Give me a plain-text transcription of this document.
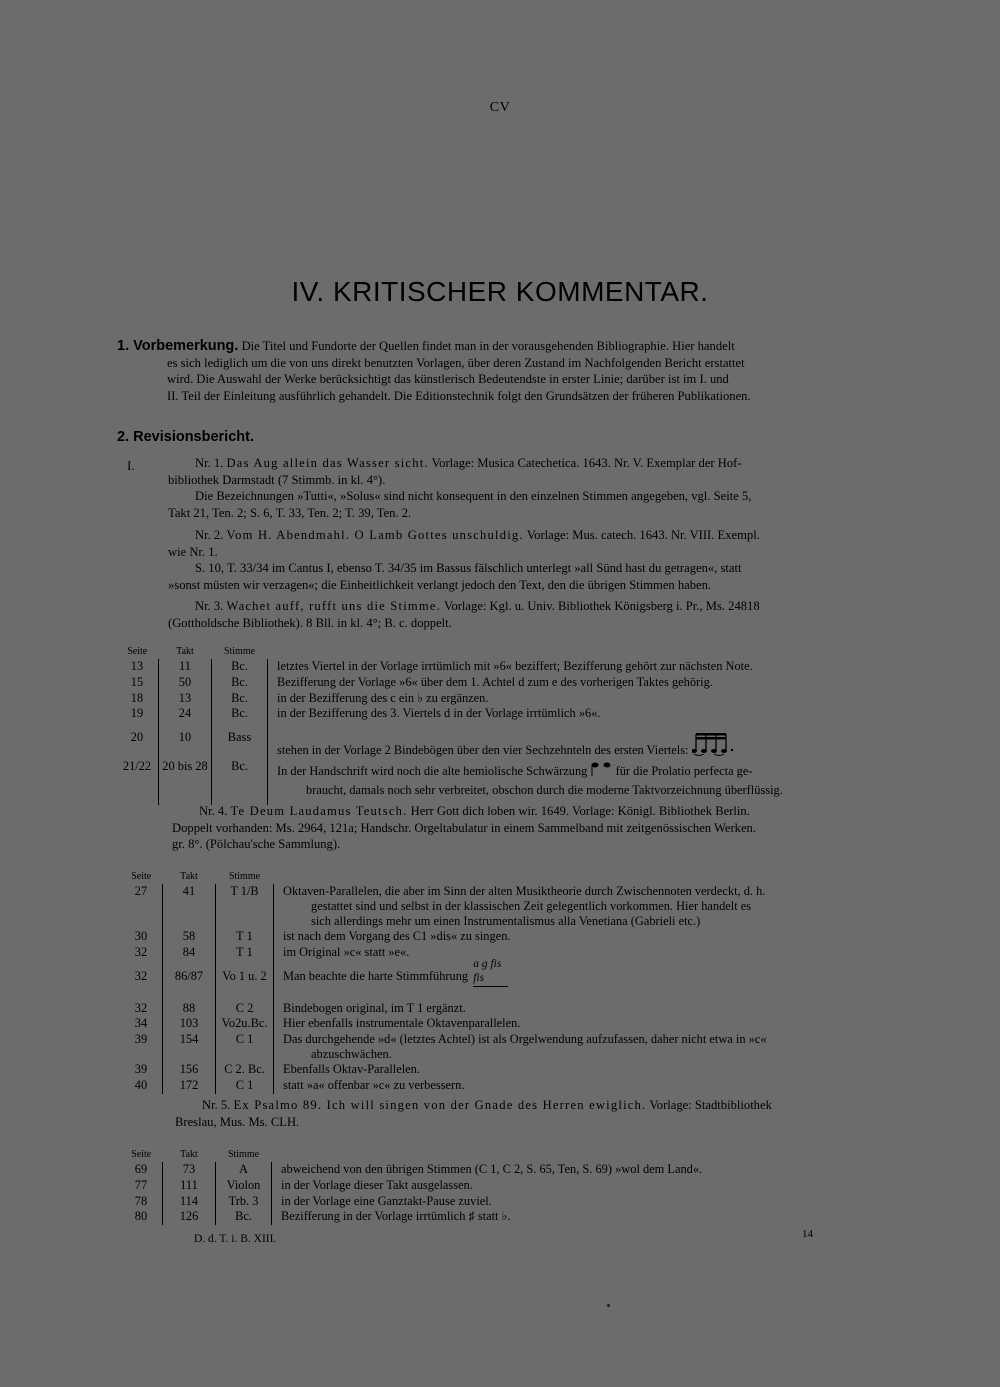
CV
IV. KRITISCHER KOMMENTAR.
1. Vorbemerkung. Die Titel und Fundorte der Quellen findet man in der vorausgehenden Bibliographie. Hier handelt
es sich lediglich um die von uns direkt benutzten Vorlagen, über deren Zustand im Nachfolgenden Bericht erstattet
wird. Die Auswahl der Werke berücksichtigt das künstlerisch Bedeutendste in erster Linie; darüber ist im I. und
II. Teil der Einleitung ausführlich gehandelt. Die Editionstechnik folgt den Grundsätzen der früheren Publikationen.
2. Revisionsbericht.
I.	Nr. 1. Das Aug allein das Wasser sicht. Vorlage: Musica Catechetica. 1643. Nr. V. Exemplar der Hof-
bibliothek Darmstadt (7 Stimmb. in kl. 4°).
Die Bezeichnungen »Tutti«, »Solus« sind nicht konsequent in den einzelnen Stimmen angegeben, vgl. Seite 5,
Takt 21, Ten. 2; S. 6, T. 33, Ten. 2; T. 39, Ten. 2.
Nr. 2. Vom H. Abendmahl. O Lamb Gottes unschuldig. Vorlage: Mus. catech. 1643. Nr. VIII. Exempl.
wie Nr. 1.
S. 10, T. 33/34 im Cantus I, ebenso T. 34/35 im Bassus fälschlich unterlegt »all Sünd hast du getragen«, statt
»sonst müsten wir verzagen«; die Einheitlichkeit verlangt jedoch den Text, den die übrigen Stimmen haben.
Nr. 3. Wachet auff, rufft uns die Stimme. Vorlage: Kgl. u. Univ. Bibliothek Königsberg i. Pr., Ms. 24818
(Gottholdsche Bibliothek). 8 Bll. in kl. 4°; B. c. doppelt.
Seite	Takt	Stimme	
13	11	Bc.	letztes Viertel in der Vorlage irrtümlich mit »6« beziffert; Bezifferung gehört zur nächsten Note.
15	50	Bc.	Bezifferung der Vorlage »6« über dem 1. Achtel d zum e des vorherigen Taktes gehörig.
18	13	Bc.	in der Bezifferung des c ein ♭ zu ergänzen.
19	24	Bc.	in der Bezifferung des 3. Viertels d in der Vorlage irrtümlich »6«.
20	10	Bass	stehen in der Vorlage 2 Bindebögen über den vier Sechzehnteln des ersten Viertels:
21/22	20 bis 28	Bc.	In der Handschrift wird noch die alte hemiolische Schwärzung für die Prolatio perfecta ge-
			braucht, damals noch sehr verbreitet, obschon durch die moderne Taktvorzeichnung überflüssig.
Nr. 4. Te Deum Laudamus Teutsch. Herr Gott dich loben wir. 1649. Vorlage: Königl. Bibliothek Berlin.
Doppelt vorhanden: Ms. 2964, 121a; Handschr. Orgeltabulatur in einem Sammelband mit zeitgenössischen Werken.
gr. 8°. (Pölchau'sche Sammlung).
Seite	Takt	Stimme	
27	41	T 1/B	Oktaven-Parallelen, die aber im Sinn der alten Musiktheorie durch Zwischennoten verdeckt, d. h.
gestattet sind und selbst in der klassischen Zeit gelegentlich vorkommen. Hier handelt es
sich allerdings mehr um einen Instrumentalismus alla Venetiana (Gabrieli etc.)

30	58	T 1	ist nach dem Vorgang des C1 »dis« zu singen.
32	84	T 1	im Original »c« statt »e«.
32	86/87	Vo 1 u. 2	Man beachte die harte Stimmführung
a g fis
fis

32	88	C 2	Bindebogen original, im T 1 ergänzt.
34	103	Vo2u.Bc.	Hier ebenfalls instrumentale Oktavenparallelen.
39	154	C 1	Das durchgehende »d« (letztes Achtel) ist als Orgelwendung aufzufassen, daher nicht etwa in »c«
abzuschwächen.

39	156	C 2. Bc.	Ebenfalls Oktav-Parallelen.
40	172	C 1	statt »a« offenbar »c« zu verbessern.
Nr. 5. Ex Psalmo 89. Ich will singen von der Gnade des Herren ewiglich. Vorlage: Stadtbibliothek
Breslau, Mus. Ms. CLH.
Seite	Takt	Stimme	
69	73	A	abweichend von den übrigen Stimmen (C 1, C 2, S. 65, Ten, S. 69) »wol dem Land«.
77	111	Violon	in der Vorlage dieser Takt ausgelassen.
78	114	Trb. 3	in der Vorlage eine Ganztakt-Pause zuviel.
80	126	Bc.	Bezifferung in der Vorlage irrtümlich ♯ statt ♭.
D. d. T. i. B. XIII.	14
